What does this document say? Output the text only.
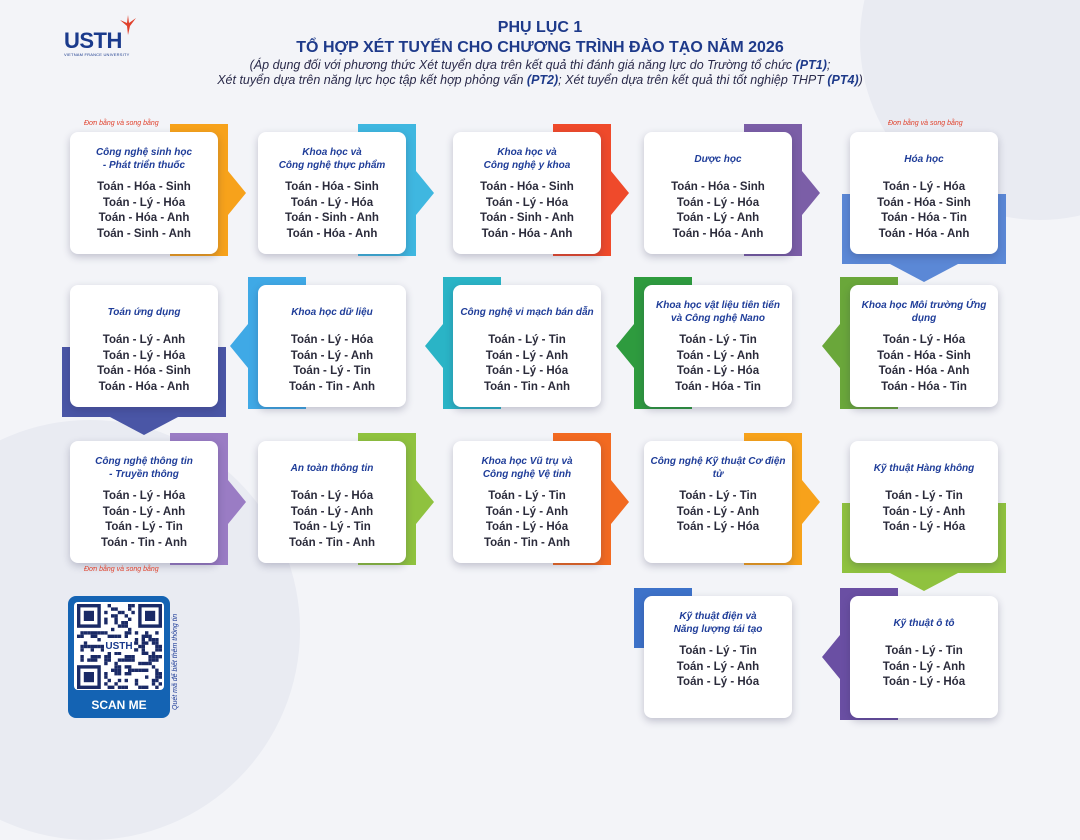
USTH
VIETNAM FRANCE UNIVERSITY
PHỤ LỤC 1
TỔ HỢP XÉT TUYỂN CHO CHƯƠNG TRÌNH ĐÀO TẠO NĂM 2026
(Áp dụng đối với phương thức Xét tuyển dựa trên kết quả thi đánh giá năng lực do Trường tổ chức (PT1);
Xét tuyển dựa trên năng lực học tập kết hợp phỏng vấn (PT2); Xét tuyển dựa trên kết quả thi tốt nghiệp THPT (PT4))
Công nghệ sinh học
- Phát triển thuốc
Toán - Hóa - Sinh
Toán - Lý - Hóa
Toán - Hóa - Anh
Toán - Sinh - Anh
Khoa học và
Công nghệ thực phẩm
Toán - Hóa - Sinh
Toán - Lý - Hóa
Toán - Sinh - Anh
Toán - Hóa - Anh
Khoa học và
Công nghệ y khoa
Toán - Hóa - Sinh
Toán - Lý - Hóa
Toán - Sinh - Anh
Toán - Hóa - Anh
Dược học
Toán - Hóa - Sinh
Toán - Lý - Hóa
Toán - Lý - Anh
Toán - Hóa - Anh
Hóa học
Toán - Lý - Hóa
Toán - Hóa - Sinh
Toán - Hóa - Tin
Toán - Hóa - Anh
Toán ứng dụng
Toán - Lý - Anh
Toán - Lý - Hóa
Toán - Hóa - Sinh
Toán - Hóa - Anh
Khoa học dữ liệu
Toán - Lý - Hóa
Toán - Lý - Anh
Toán - Lý - Tin
Toán - Tin - Anh
Công nghệ vi mạch bán dẫn
Toán - Lý - Tin
Toán - Lý - Anh
Toán - Lý - Hóa
Toán - Tin - Anh
Khoa học vật liệu tiên tiến
và Công nghệ Nano
Toán - Lý - Tin
Toán - Lý - Anh
Toán - Lý - Hóa
Toán - Hóa - Tin
Khoa học Môi trường Ứng dụng
Toán - Lý - Hóa
Toán - Hóa - Sinh
Toán - Hóa - Anh
Toán - Hóa - Tin
Công nghệ thông tin
- Truyền thông
Toán - Lý - Hóa
Toán - Lý - Anh
Toán - Lý - Tin
Toán - Tin - Anh
An toàn thông tin
Toán - Lý - Hóa
Toán - Lý - Anh
Toán - Lý - Tin
Toán - Tin - Anh
Khoa học Vũ trụ và
Công nghệ Vệ tinh
Toán - Lý - Tin
Toán - Lý - Anh
Toán - Lý - Hóa
Toán - Tin - Anh
Công nghệ Kỹ thuật Cơ điện tử
Toán - Lý - Tin
Toán - Lý - Anh
Toán - Lý - Hóa
Kỹ thuật Hàng không
Toán - Lý - Tin
Toán - Lý - Anh
Toán - Lý - Hóa
Kỹ thuật điện và
Năng lượng tái tạo
Toán - Lý - Tin
Toán - Lý - Anh
Toán - Lý - Hóa
Kỹ thuật ô tô
Toán - Lý - Tin
Toán - Lý - Anh
Toán - Lý - Hóa
Đơn bằng và song bằng	Đơn bằng và song bằng
Đơn bằng và song bằng
USTH
SCAN ME	Quét mã để biết thêm thông tin
